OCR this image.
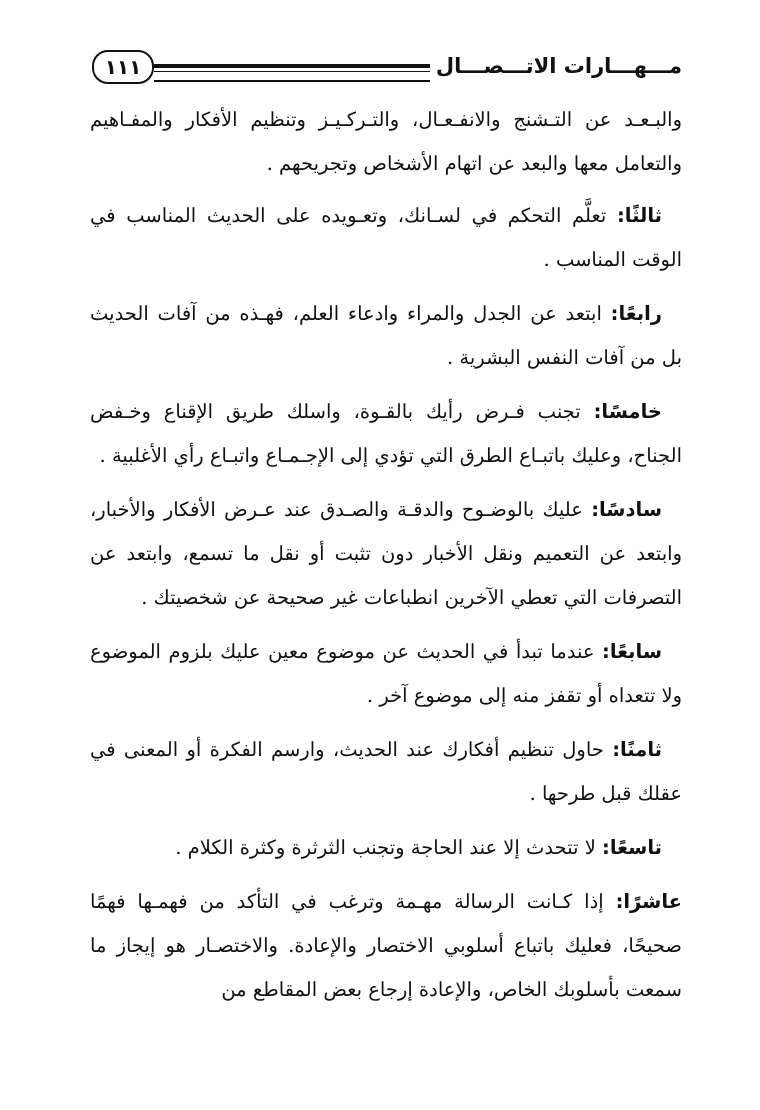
مـــهـــارات الاتـــصـــال
١١١

والبـعـد عن التـشنج والانفـعـال، والتـركـيـز وتنظيم الأفكار والمفـاهيم والتعامل معها والبعد عن اتهام الأشخاص وتجريحهم .

ثالثًا: تعلَّم التحكم في لسـانك، وتعـويده على الحديث المناسب في الوقت المناسب .

رابعًا: ابتعد عن الجدل والمراء وادعاء العلم، فهـذه من آفات الحديث بل من آفات النفس البشرية .

خامسًا: تجنب فـرض رأيك بالقـوة، واسلك طريق الإقناع وخـفض الجناح، وعليك باتبـاع الطرق التي تؤدي إلى الإجـمـاع واتبـاع رأي الأغلبية .

سادسًا: عليك بالوضـوح والدقـة والصـدق عند عـرض الأفكار والأخبار، وابتعد عن التعميم ونقل الأخبار دون تثبت أو نقل ما تسمع، وابتعد عن التصرفات التي تعطي الآخرين انطباعات غير صحيحة عن شخصيتك .

سابعًا: عندما تبدأ في الحديث عن موضوع معين عليك بلزوم الموضوع ولا تتعداه أو تقفز منه إلى موضوع آخر .

ثامنًا: حاول تنظيم أفكارك عند الحديث، وارسم الفكرة أو المعنى في عقلك قبل طرحها .

تاسعًا: لا تتحدث إلا عند الحاجة وتجنب الثرثرة وكثرة الكلام .

عاشرًا: إذا كـانت الرسالة مهـمة وترغب في التأكد من فهمـها فهمًا صحيحًا، فعليك باتباع أسلوبي الاختصار والإعادة. والاختصـار هو إيجاز ما سمعت بأسلوبك الخاص، والإعادة إرجاع بعض المقاطع من
